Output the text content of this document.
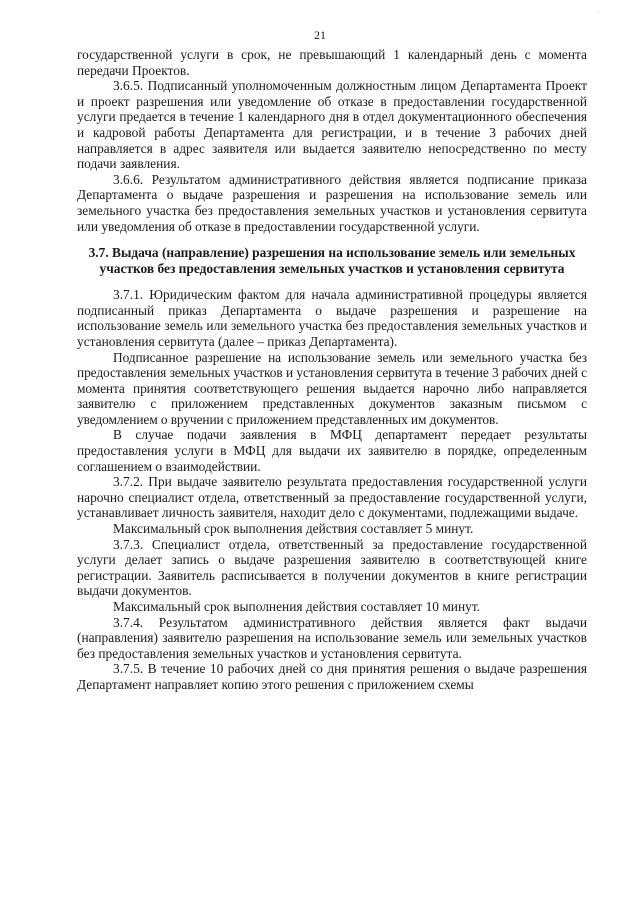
·
21

государственной услуги в срок, не превышающий 1 календарный день с момента передачи Проектов.

3.6.5. Подписанный уполномоченным должностным лицом Департамента Проект и проект разрешения или уведомление об отказе в предоставлении государственной услуги предается в течение 1 календарного дня в отдел документационного обеспечения и кадровой работы Департамента для регистрации, и в течение 3 рабочих дней направляется в адрес заявителя или выдается заявителю непосредственно по месту подачи заявления.

3.6.6. Результатом административного действия является подписание приказа Департамента о выдаче разрешения и разрешения на использование земель или земельного участка без предоставления земельных участков и установления сервитута или уведомления об отказе в предоставлении государственной услуги.

3.7. Выдача (направление) разрешения на использование земель или земельных участков без предоставления земельных участков и установления сервитута

3.7.1. Юридическим фактом для начала административной процедуры является подписанный приказ Департамента о выдаче разрешения и разрешение на использование земель или земельного участка без предоставления земельных участков и установления сервитута (далее – приказ Департамента).

Подписанное разрешение на использование земель или земельного участка без предоставления земельных участков и установления сервитута в течение 3 рабочих дней с момента принятия соответствующего решения выдается нарочно либо направляется заявителю с приложением представленных документов заказным письмом с уведомлением о вручении с приложением представленных им документов.

В случае подачи заявления в МФЦ департамент передает результаты предоставления услуги в МФЦ для выдачи их заявителю в порядке, определенным соглашением о взаимодействии.

3.7.2. При выдаче заявителю результата предоставления государственной услуги нарочно специалист отдела, ответственный за предоставление государственной услуги, устанавливает личность заявителя, находит дело с документами, подлежащими выдаче.

Максимальный срок выполнения действия составляет 5 минут.

3.7.3. Специалист отдела, ответственный за предоставление государственной услуги делает запись о выдаче разрешения заявителю в соответствующей книге регистрации. Заявитель расписывается в получении документов в книге регистрации выдачи документов.

Максимальный срок выполнения действия составляет 10 минут.

3.7.4. Результатом административного действия является факт выдачи (направления) заявителю разрешения на использование земель или земельных участков без предоставления земельных участков и установления сервитута.

3.7.5. В течение 10 рабочих дней со дня принятия решения о выдаче разрешения Департамент направляет копию этого решения с приложением схемы
